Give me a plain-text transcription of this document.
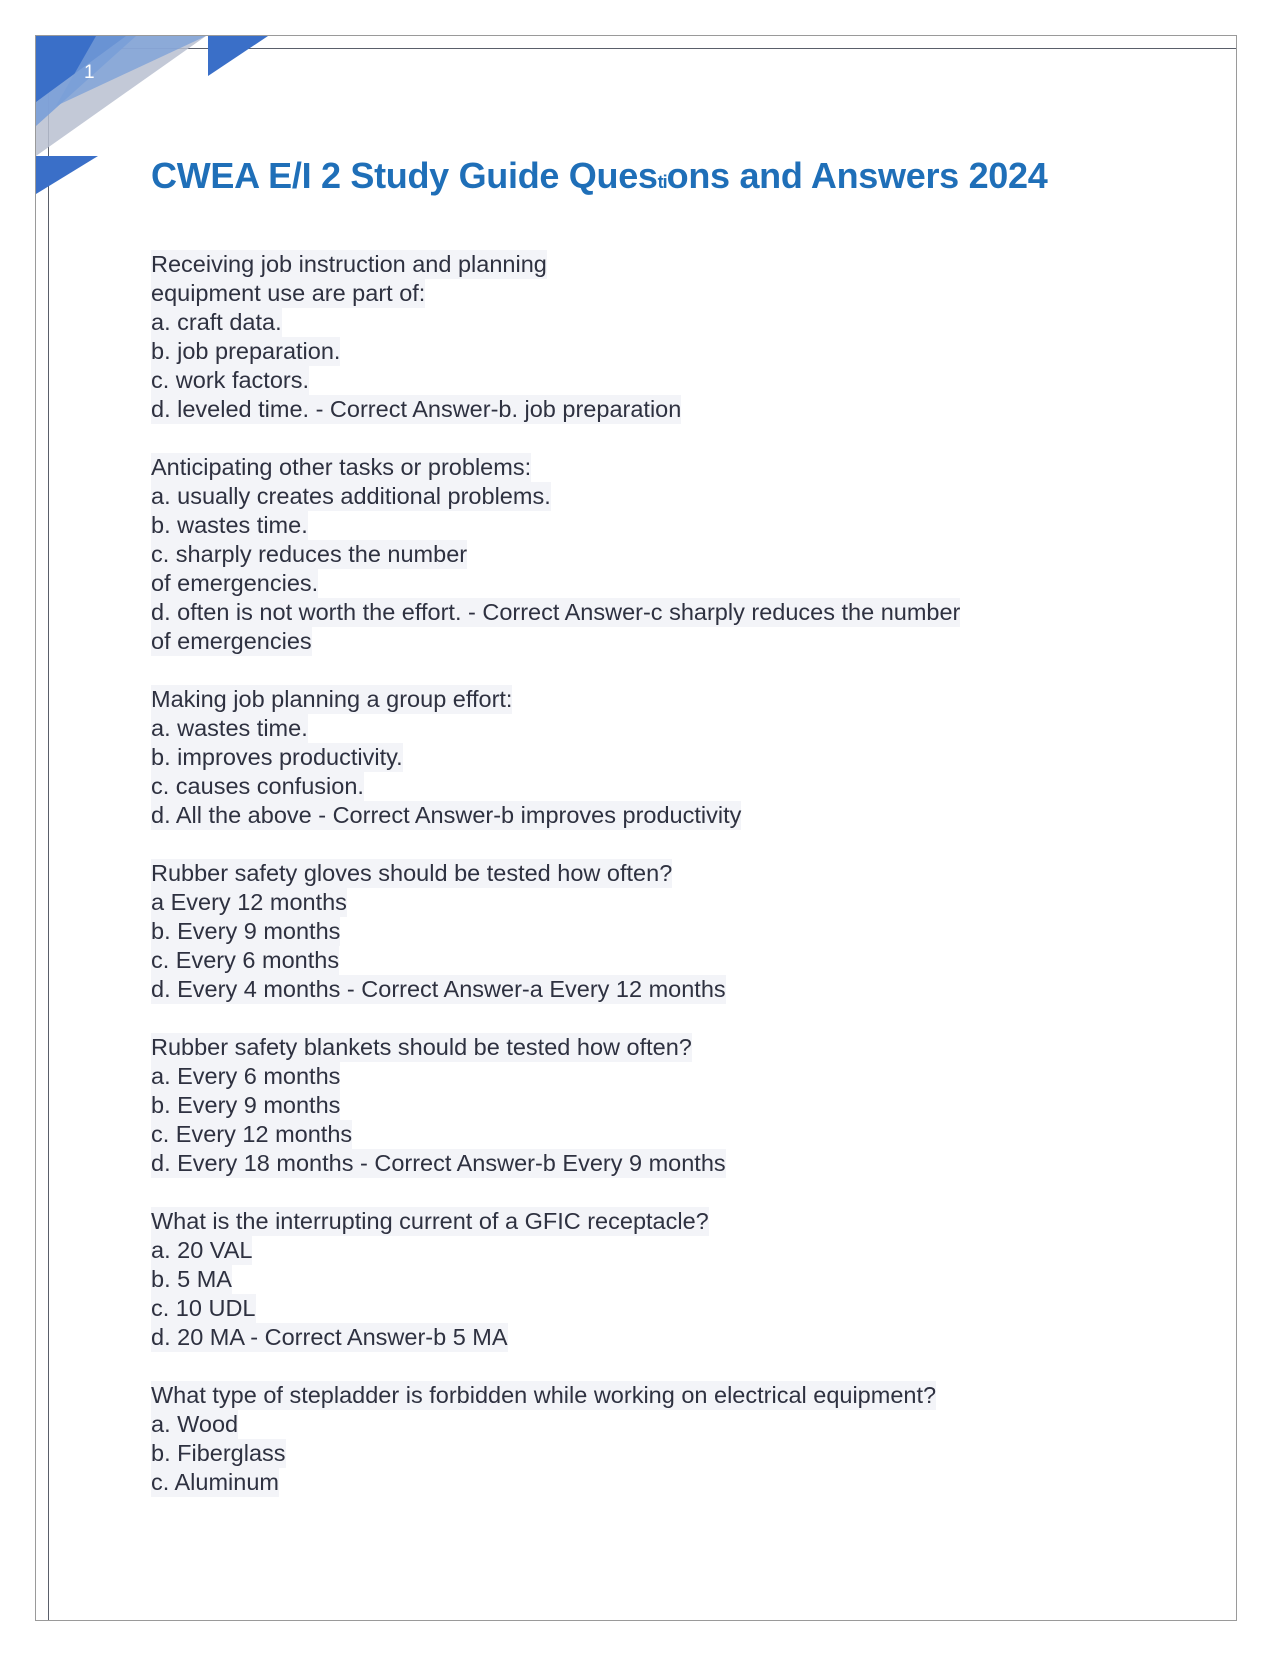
1
CWEA E/I 2 Study Guide Questions and Answers 2024
Receiving job instruction and planning
equipment use are part of:
a. craft data.
b. job preparation.
c. work factors.
d. leveled time. - Correct Answer-b. job preparation
Anticipating other tasks or problems:
a. usually creates additional problems.
b. wastes time.
c. sharply reduces the number
of emergencies.
d. often is not worth the effort. - Correct Answer-c sharply reduces the number
of emergencies
Making job planning a group effort:
a. wastes time.
b. improves productivity.
c. causes confusion.
d. All the above - Correct Answer-b improves productivity
Rubber safety gloves should be tested how often?
a Every 12 months
b. Every 9 months
c. Every 6 months
d. Every 4 months - Correct Answer-a Every 12 months
Rubber safety blankets should be tested how often?
a. Every 6 months
b. Every 9 months
c. Every 12 months
d. Every 18 months - Correct Answer-b Every 9 months
What is the interrupting current of a GFIC receptacle?
a. 20 VAL
b. 5 MA
c. 10 UDL
d. 20 MA - Correct Answer-b 5 MA
What type of stepladder is forbidden while working on electrical equipment?
a. Wood
b. Fiberglass
c. Aluminum
